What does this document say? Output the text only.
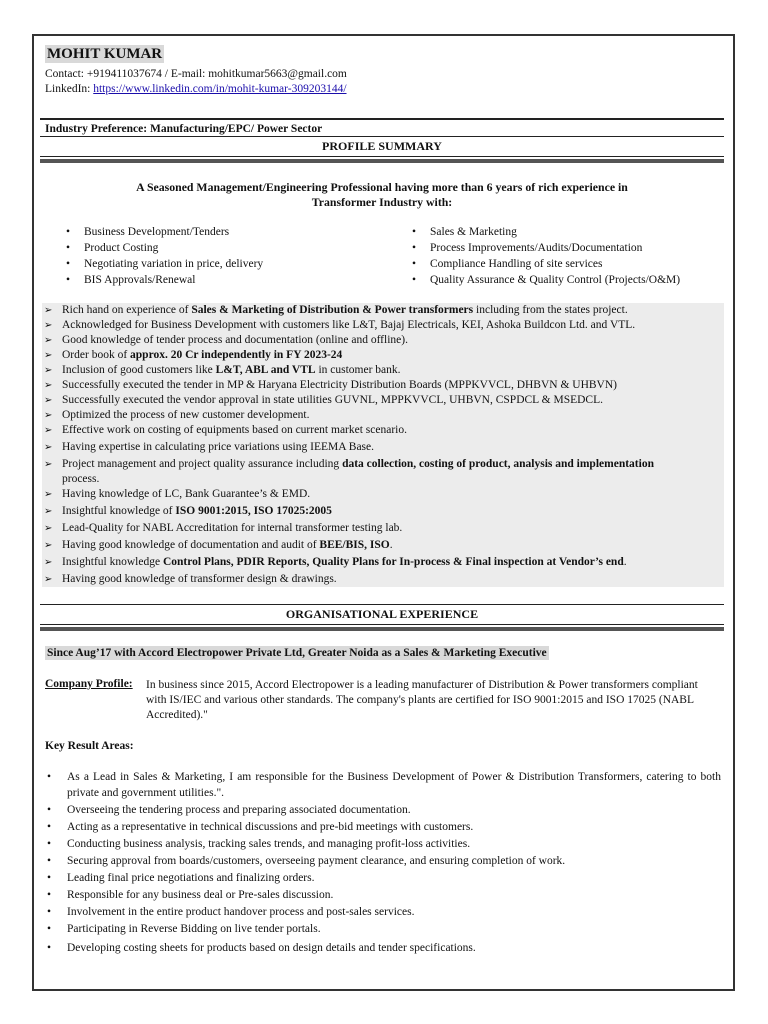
MOHIT KUMAR
Contact: +919411037674 / E-mail: mohitkumar5663@gmail.com
LinkedIn: https://www.linkedin.com/in/mohit-kumar-309203144/
Industry Preference: Manufacturing/EPC/ Power Sector
PROFILE SUMMARY
A Seasoned Management/Engineering Professional having more than 6 years of rich experience in
Transformer Industry with:
• Business Development/Tenders
• Product Costing
• Negotiating variation in price, delivery
• BIS Approvals/Renewal
• Sales & Marketing
• Process Improvements/Audits/Documentation
• Compliance Handling of site services
• Quality Assurance & Quality Control (Projects/O&M)
➢ Rich hand on experience of Sales & Marketing of Distribution & Power transformers including from the states project.
➢ Acknowledged for Business Development with customers like L&T, Bajaj Electricals, KEI, Ashoka Buildcon Ltd. and VTL.
➢ Good knowledge of tender process and documentation (online and offline).
➢ Order book of approx. 20 Cr independently in FY 2023-24
➢ Inclusion of good customers like L&T, ABL and VTL in customer bank.
➢ Successfully executed the tender in MP & Haryana Electricity Distribution Boards (MPPKVVCL, DHBVN & UHBVN)
➢ Successfully executed the vendor approval in state utilities GUVNL, MPPKVVCL, UHBVN, CSPDCL & MSEDCL.
➢ Optimized the process of new customer development.
➢ Effective work on costing of equipments based on current market scenario.
➢ Having expertise in calculating price variations using IEEMA Base.
➢ Project management and project quality assurance including data collection, costing of product, analysis and implementation
process.
➢ Having knowledge of LC, Bank Guarantee’s & EMD.
➢ Insightful knowledge of ISO 9001:2015, ISO 17025:2005
➢ Lead-Quality for NABL Accreditation for internal transformer testing lab.
➢ Having good knowledge of documentation and audit of BEE/BIS, ISO.
➢ Insightful knowledge Control Plans, PDIR Reports, Quality Plans for In-process & Final inspection at Vendor’s end.
➢ Having good knowledge of transformer design & drawings.
ORGANISATIONAL EXPERIENCE
Since Aug’17 with Accord Electropower Private Ltd, Greater Noida as a Sales & Marketing Executive
Company Profile: In business since 2015, Accord Electropower is a leading manufacturer of Distribution & Power transformers compliant with IS/IEC and various other standards. The company's plants are certified for ISO 9001:2015 and ISO 17025 (NABL Accredited)."
Key Result Areas:
• As a Lead in Sales & Marketing, I am responsible for the Business Development of Power & Distribution Transformers, catering to both private and government utilities.".
• Overseeing the tendering process and preparing associated documentation.
• Acting as a representative in technical discussions and pre-bid meetings with customers.
• Conducting business analysis, tracking sales trends, and managing profit-loss activities.
• Securing approval from boards/customers, overseeing payment clearance, and ensuring completion of work.
• Leading final price negotiations and finalizing orders.
• Responsible for any business deal or Pre-sales discussion.
• Involvement in the entire product handover process and post-sales services.
• Participating in Reverse Bidding on live tender portals.
• Developing costing sheets for products based on design details and tender specifications.
